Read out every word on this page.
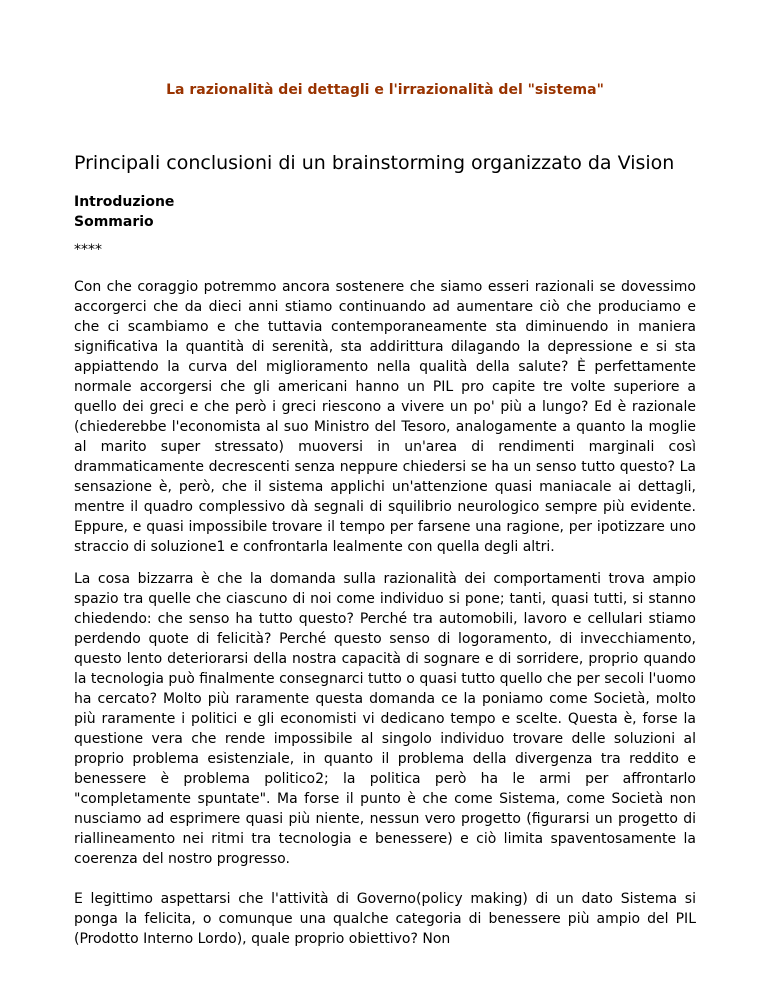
La razionalità dei dettagli e l'irrazionalità del "sistema"
Principali conclusioni di un brainstorming organizzato da Vision
Introduzione
Sommario
****

Con che coraggio potremmo ancora sostenere che siamo esseri razionali se dovessimo accorgerci che da dieci anni stiamo continuando ad aumentare ciò che produciamo e che ci scambiamo e che tuttavia contemporaneamente sta diminuendo in maniera significativa la quantità di serenità, sta addirittura dilagando la depressione e si sta appiattendo la curva del miglioramento nella qualità della salute? È perfettamente normale accorgersi che gli americani hanno un PIL pro capite tre volte superiore a quello dei greci e che però i greci riescono a vivere un po' più a lungo? Ed è razionale (chiederebbe l'economista al suo Ministro del Tesoro, analogamente a quanto la moglie al marito super stressato) muoversi in un'area di rendimenti marginali così drammaticamente decrescenti senza neppure chiedersi se ha un senso tutto questo? La sensazione è, però, che il sistema applichi un'attenzione quasi maniacale ai dettagli, mentre il quadro complessivo dà segnali di squilibrio neurologico sempre più evidente. Eppure, e quasi impossibile trovare il tempo per farsene una ragione, per ipotizzare uno straccio di soluzione1 e confrontarla lealmente con quella degli altri.

La cosa bizzarra è che la domanda sulla razionalità dei comportamenti trova ampio spazio tra quelle che ciascuno di noi come individuo si pone; tanti, quasi tutti, si stanno chiedendo: che senso ha tutto questo? Perché tra automobili, lavoro e cellulari stiamo perdendo quote di felicità? Perché questo senso di logoramento, di invecchiamento, questo lento deteriorarsi della nostra capacità di sognare e di sorridere, proprio quando la tecnologia può finalmente consegnarci tutto o quasi tutto quello che per secoli l'uomo ha cercato? Molto più raramente questa domanda ce la poniamo come Società, molto più raramente i politici e gli economisti vi dedicano tempo e scelte. Questa è, forse la questione vera che rende impossibile al singolo individuo trovare delle soluzioni al proprio problema esistenziale, in quanto il problema della divergenza tra reddito e benessere è problema politico2; la politica però ha le armi per affrontarlo "completamente spuntate". Ma forse il punto è che come Sistema, come Società non nusciamo ad esprimere quasi più niente, nessun vero progetto (figurarsi un progetto di riallineamento nei ritmi tra tecnologia e benessere) e ciò limita spaventosamente la coerenza del nostro progresso.

E legittimo aspettarsi che l'attività di Governo(policy making) di un dato Sistema si ponga la felicita, o comunque una qualche categoria di benessere più ampio del PIL (Prodotto Interno Lordo), quale proprio obiettivo? Non
